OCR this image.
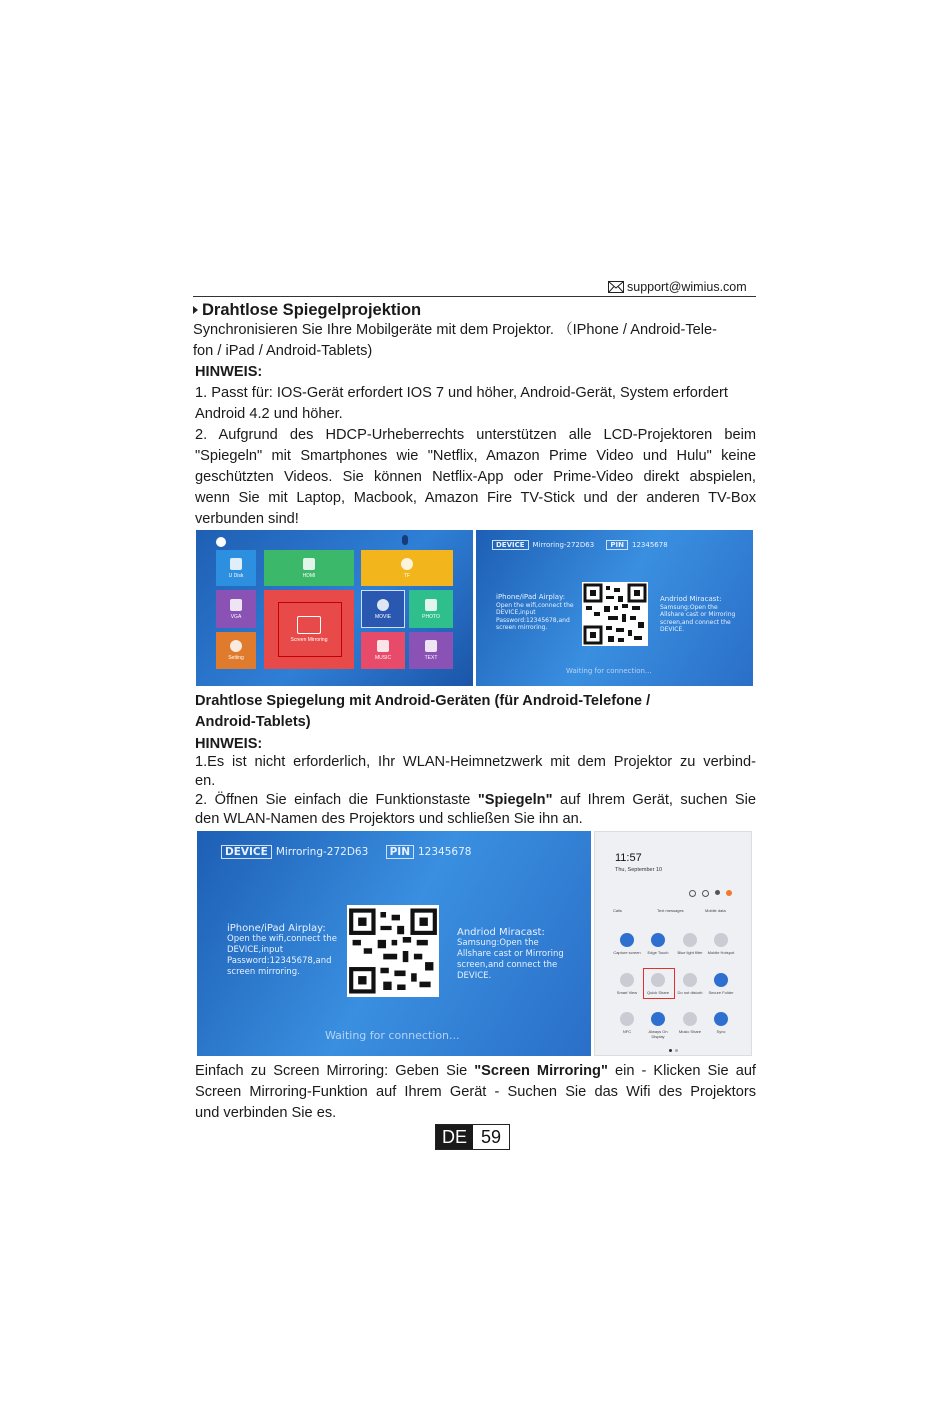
support@wimius.com
Drahtlose Spiegelprojektion
Synchronisieren Sie Ihre Mobilgeräte mit dem Projektor. （IPhone / Android-Tele-
fon / iPad / Android-Tablets)
HINWEIS:
1. Passt für: IOS-Gerät erfordert IOS 7 und höher, Android-Gerät, System erfordert
Android 4.2 und höher.
2. Aufgrund des HDCP-Urheberrechts unterstützen alle LCD-Projektoren beim
"Spiegeln" mit Smartphones wie "Netflix, Amazon Prime Video und Hulu" keine
geschützten Videos. Sie können Netflix-App oder Prime-Video direkt abspielen,
wenn Sie mit Laptop, Macbook, Amazon Fire TV-Stick und der anderen TV-Box
verbunden sind!
U Disk	HDMI	TF
VGA
Screen Mirroring
MOVIE	PHOTO
Setting	MUSIC	TEXT
DEVICE Mirroring-272D63 PIN 12345678
iPhone/iPad Airplay:
Open the wifi,connect the
DEVICE,input
Password:12345678,and
screen mirroring.
Andriod Miracast:
Samsung:Open the
Allshare cast or Mirroring
screen,and connect the
DEVICE.
Waiting for connection...
Drahtlose Spiegelung mit Android-Geräten (für Android-Telefone /
Android-Tablets)
HINWEIS:
1.Es ist nicht erforderlich, Ihr WLAN-Heimnetzwerk mit dem Projektor zu verbind-
en.
2. Öffnen Sie einfach die Funktionstaste "Spiegeln" auf Ihrem Gerät, suchen Sie
den WLAN-Namen des Projektors und schließen Sie ihn an.
DEVICE Mirroring-272D63 PIN 12345678
iPhone/iPad Airplay:
Open the wifi,connect the
DEVICE,input
Password:12345678,and
screen mirroring.
Andriod Miracast:
Samsung:Open the
Allshare cast or Mirroring
screen,and connect the
DEVICE.
Waiting for connection...
11:57
Thu, September 10
Calls	Text messages	Mobile data
Capture screen	Edge Touch	Blue light filter	Mobile Hotspot
Smart View	Quick Share	Do not disturb	Secure Folder
NFC	Always On Display
Music Share	Sync
Einfach zu Screen Mirroring: Geben Sie "Screen Mirroring" ein - Klicken Sie auf
Screen Mirroring-Funktion auf Ihrem Gerät - Suchen Sie das Wifi des Projektors
und verbinden Sie es.
DE 59
